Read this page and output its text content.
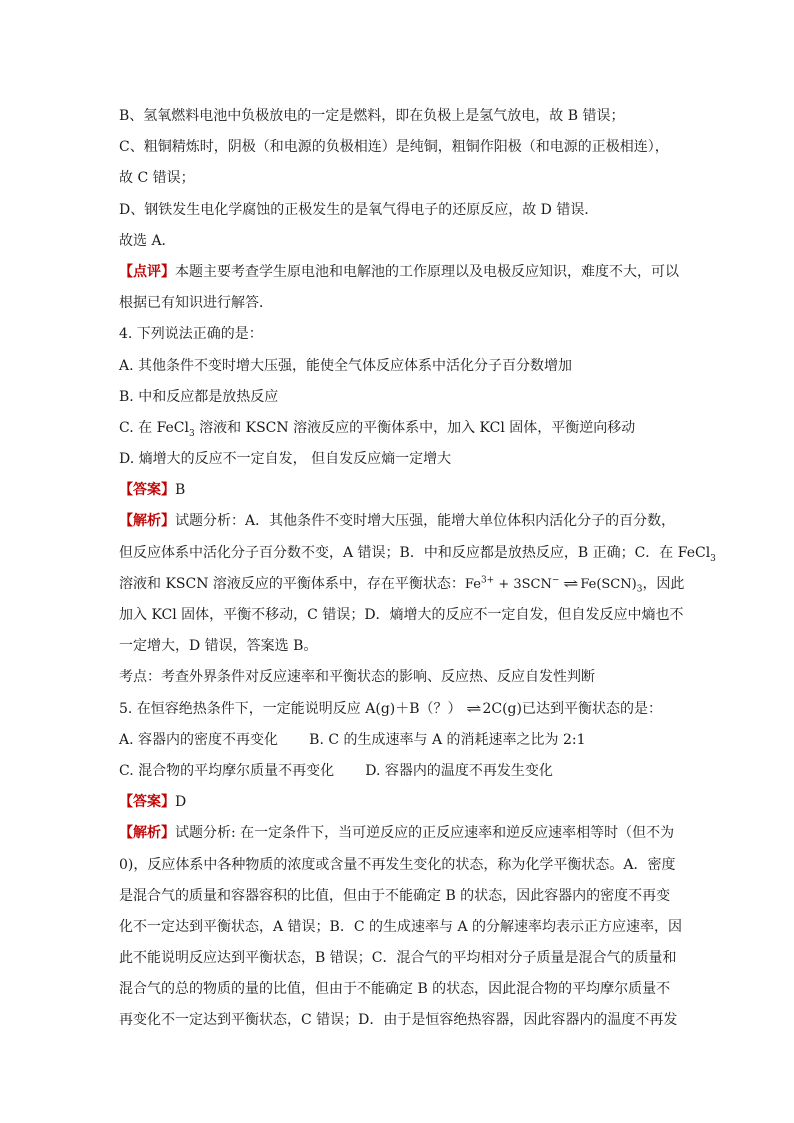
B、氢氧燃料电池中负极放电的一定是燃料，即在负极上是氢气放电，故 B 错误；
C、粗铜精炼时，阴极（和电源的负极相连）是纯铜，粗铜作阳极（和电源的正极相连），
故 C 错误；
D、钢铁发生电化学腐蚀的正极发生的是氧气得电子的还原反应，故 D 错误．
故选 A．
【点评】本题主要考查学生原电池和电解池的工作原理以及电极反应知识，难度不大，可以
根据已有知识进行解答．
4. 下列说法正确的是：
A. 其他条件不变时增大压强，能使全气体反应体系中活化分子百分数增加
B. 中和反应都是放热反应
C. 在 FeCl$_3$ 溶液和 KSCN 溶液反应的平衡体系中，加入 KCl 固体，平衡逆向移动
D. 熵增大的反应不一定自发， 但自发反应熵一定增大
【答案】B
【解析】试题分析：A．其他条件不变时增大压强，能增大单位体积内活化分子的百分数，
但反应体系中活化分子百分数不变，A 错误；B．中和反应都是放热反应，B 正确；C．在 FeCl$_3$
溶液和 KSCN 溶液反应的平衡体系中，存在平衡状态：$Fe^{3+} + 3SCN^-$ ⇌ $Fe(SCN)_3$，因此
加入 KCl 固体，平衡不移动，C 错误；D．熵增大的反应不一定自发，但自发反应中熵也不
一定增大，D 错误，答案选 B。
考点：考查外界条件对反应速率和平衡状态的影响、反应热、反应自发性判断
5. 在恒容绝热条件下，一定能说明反应 A(g)＋B（？） ⇌ 2C(g)已达到平衡状态的是：
A. 容器内的密度不再变化       B. C 的生成速率与 A 的消耗速率之比为 2:1
C. 混合物的平均摩尔质量不再变化       D. 容器内的温度不再发生变化
【答案】D
【解析】试题分析: 在一定条件下，当可逆反应的正反应速率和逆反应速率相等时（但不为
0)，反应体系中各种物质的浓度或含量不再发生变化的状态，称为化学平衡状态。A．密度
是混合气的质量和容器容积的比值，但由于不能确定 B 的状态，因此容器内的密度不再变
化不一定达到平衡状态，A 错误；B．C 的生成速率与 A 的分解速率均表示正方应速率，因
此不能说明反应达到平衡状态，B 错误；C．混合气的平均相对分子质量是混合气的质量和
混合气的总的物质的量的比值，但由于不能确定 B 的状态，因此混合物的平均摩尔质量不
再变化不一定达到平衡状态，C 错误；D．由于是恒容绝热容器，因此容器内的温度不再发
